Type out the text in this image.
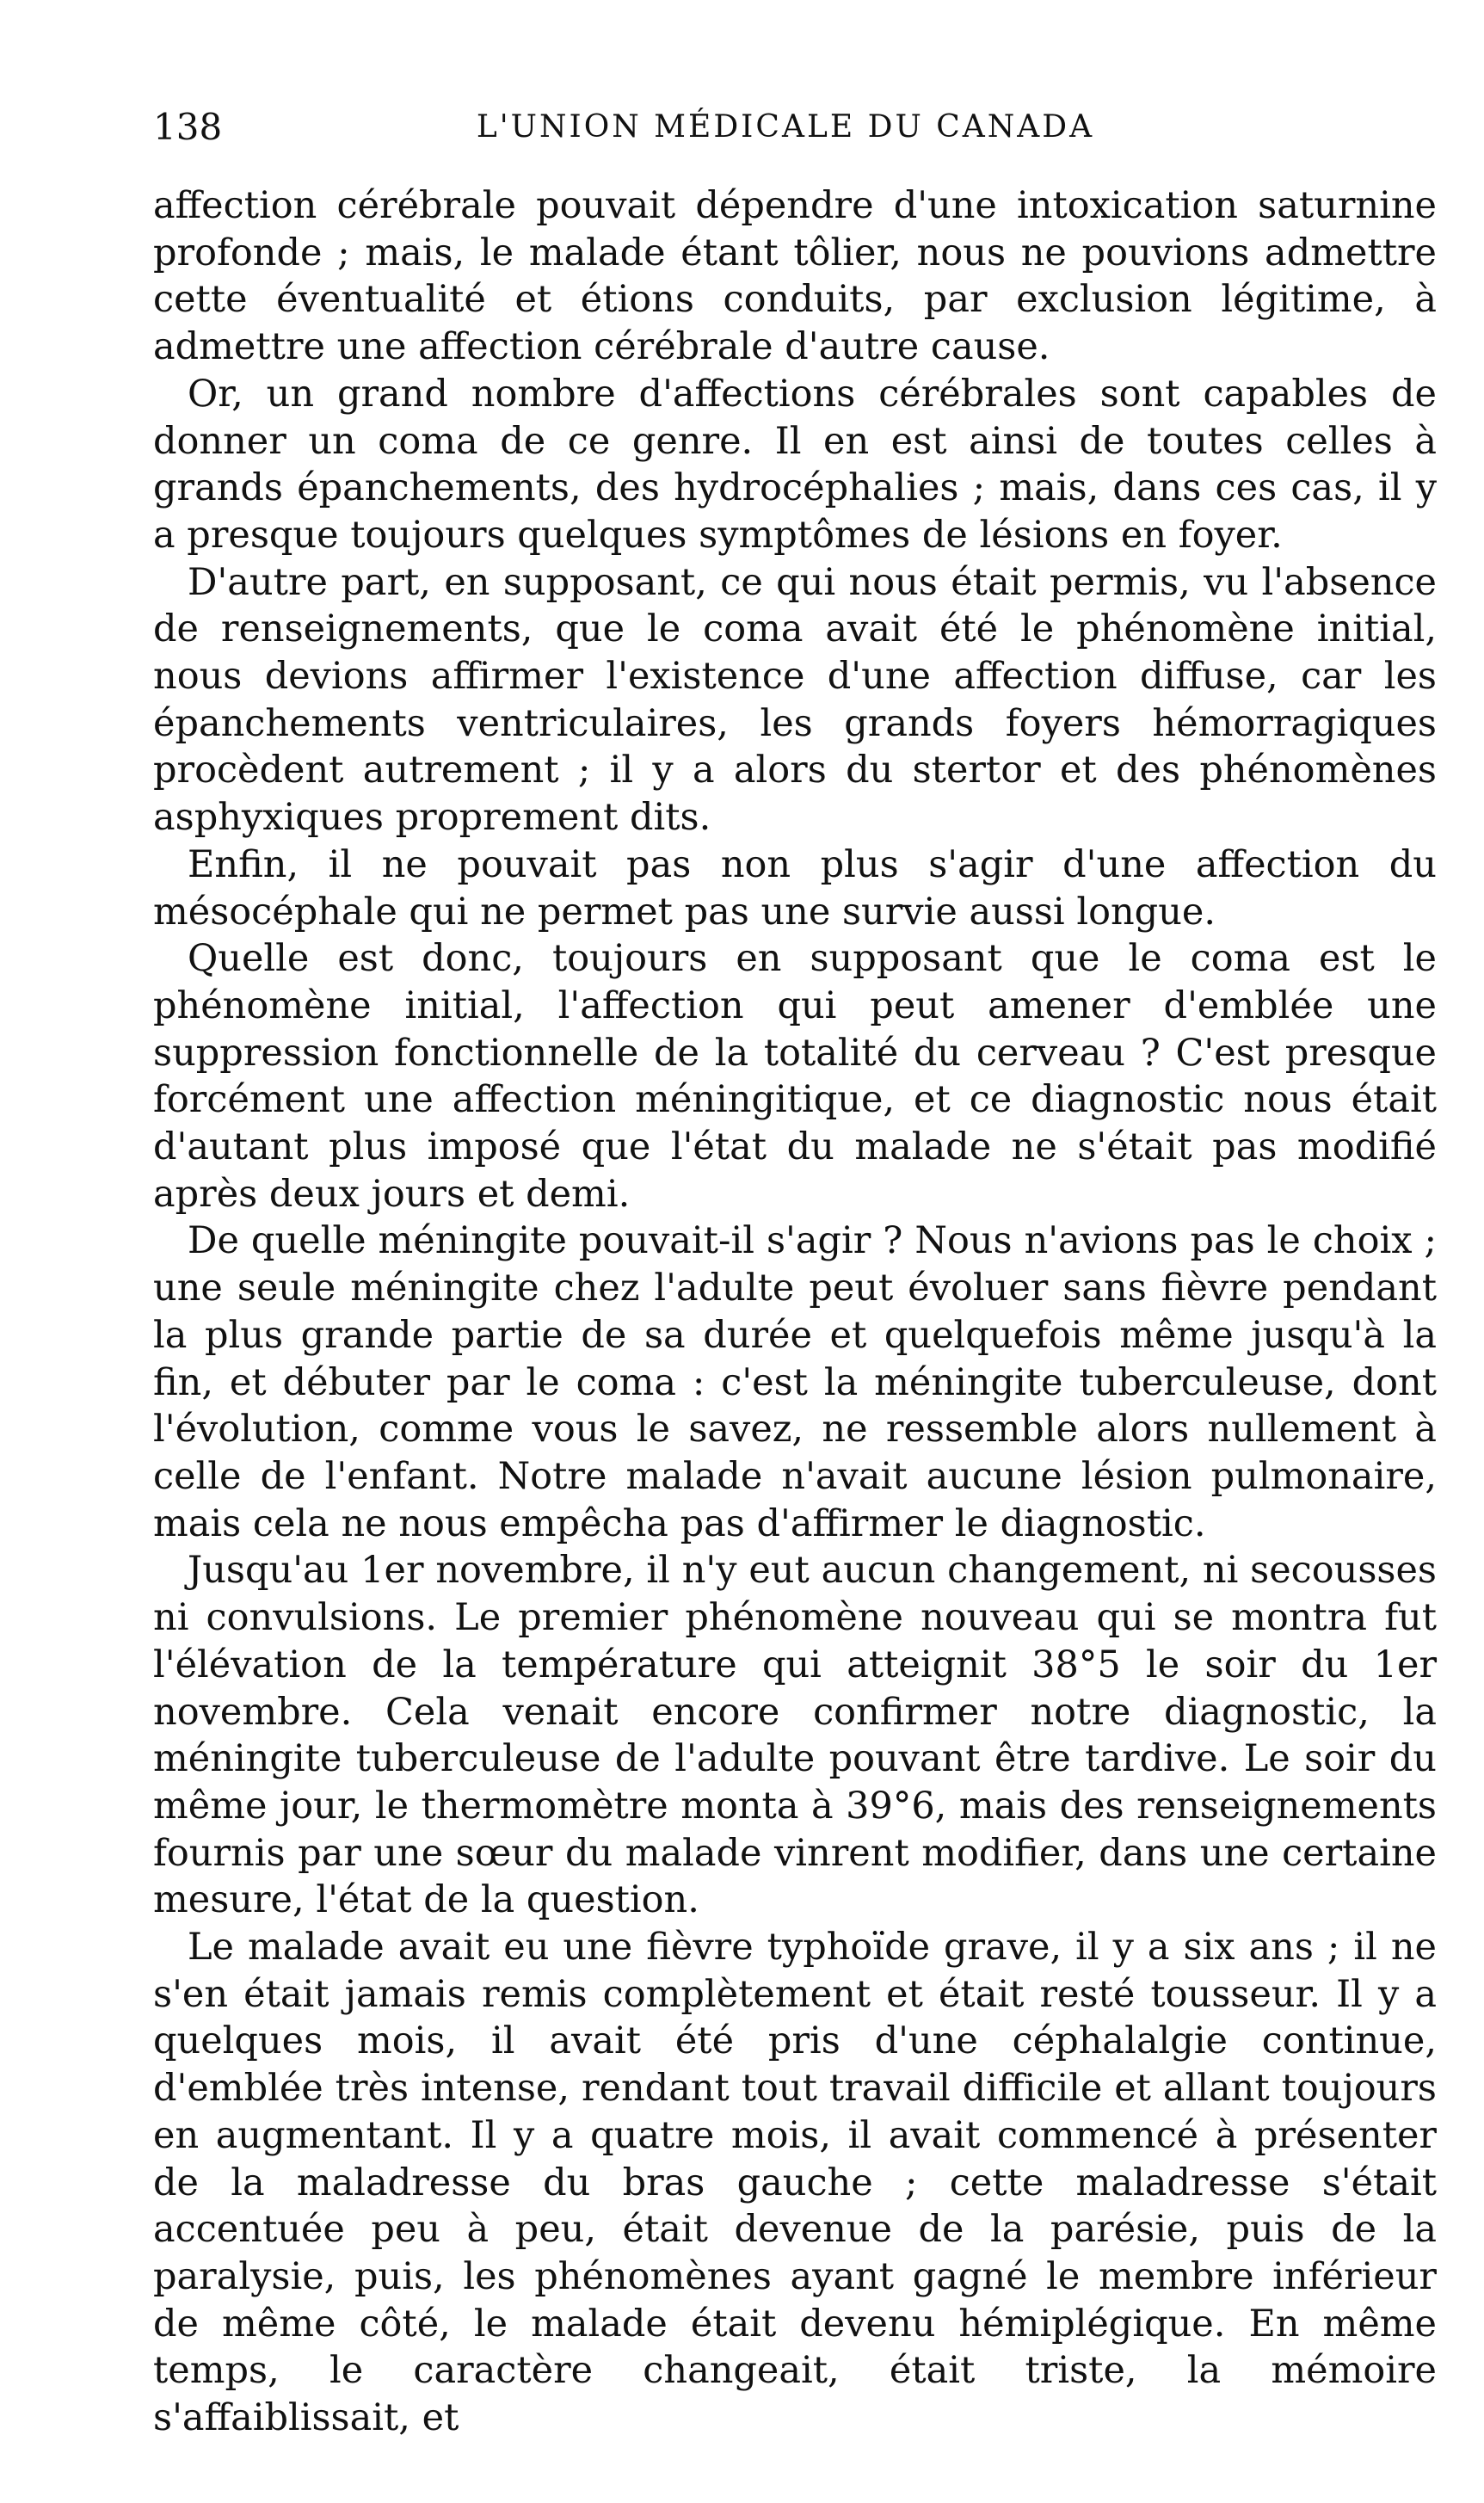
138	L'UNION MÉDICALE DU CANADA

affection cérébrale pouvait dépendre d'une intoxication saturnine profonde ; mais, le malade étant tôlier, nous ne pouvions admettre cette éventualité et étions conduits, par exclusion légitime, à admettre une affection cérébrale d'autre cause.

Or, un grand nombre d'affections cérébrales sont capables de donner un coma de ce genre. Il en est ainsi de toutes celles à grands épanchements, des hydrocéphalies ; mais, dans ces cas, il y a presque toujours quelques symptômes de lésions en foyer.

D'autre part, en supposant, ce qui nous était permis, vu l'absence de renseignements, que le coma avait été le phénomène initial, nous devions affirmer l'existence d'une affection diffuse, car les épanchements ventriculaires, les grands foyers hémorragiques procèdent autrement ; il y a alors du stertor et des phénomènes asphyxiques proprement dits.

Enfin, il ne pouvait pas non plus s'agir d'une affection du mésocéphale qui ne permet pas une survie aussi longue.

Quelle est donc, toujours en supposant que le coma est le phénomène initial, l'affection qui peut amener d'emblée une suppression fonctionnelle de la totalité du cerveau ? C'est presque forcément une affection méningitique, et ce diagnostic nous était d'autant plus imposé que l'état du malade ne s'était pas modifié après deux jours et demi.

De quelle méningite pouvait-il s'agir ? Nous n'avions pas le choix ; une seule méningite chez l'adulte peut évoluer sans fièvre pendant la plus grande partie de sa durée et quelquefois même jusqu'à la fin, et débuter par le coma : c'est la méningite tuberculeuse, dont l'évolution, comme vous le savez, ne ressemble alors nullement à celle de l'enfant. Notre malade n'avait aucune lésion pulmonaire, mais cela ne nous empêcha pas d'affirmer le diagnostic.

Jusqu'au 1er novembre, il n'y eut aucun changement, ni secousses ni convulsions. Le premier phénomène nouveau qui se montra fut l'élévation de la température qui atteignit 38°5 le soir du 1er novembre. Cela venait encore confirmer notre diagnostic, la méningite tuberculeuse de l'adulte pouvant être tardive. Le soir du même jour, le thermomètre monta à 39°6, mais des renseignements fournis par une sœur du malade vinrent modifier, dans une certaine mesure, l'état de la question.

Le malade avait eu une fièvre typhoïde grave, il y a six ans ; il ne s'en était jamais remis complètement et était resté tousseur. Il y a quelques mois, il avait été pris d'une céphalalgie continue, d'emblée très intense, rendant tout travail difficile et allant toujours en augmentant. Il y a quatre mois, il avait commencé à présenter de la maladresse du bras gauche ; cette maladresse s'était accentuée peu à peu, était devenue de la parésie, puis de la paralysie, puis, les phénomènes ayant gagné le membre inférieur de même côté, le malade était devenu hémiplégique. En même temps, le caractère changeait, était triste, la mémoire s'affaiblissait, et
